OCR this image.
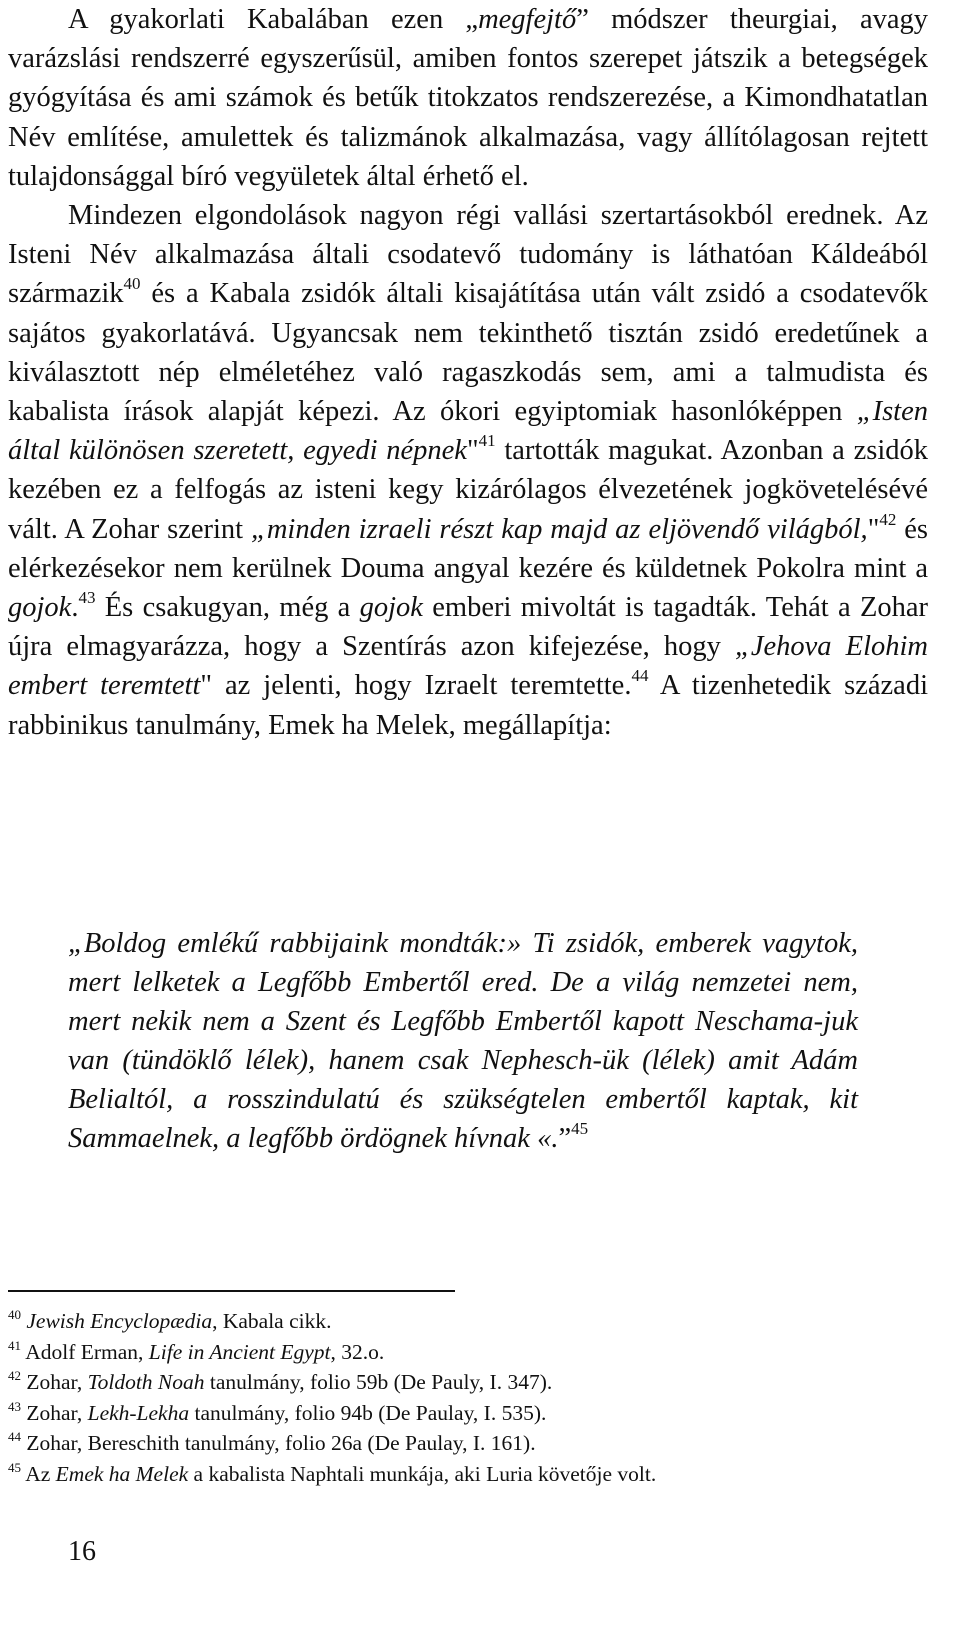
A gyakorlati Kabalában ezen „megfejtő” módszer theurgiai, avagy varázslási rendszerré egyszerűsül, amiben fontos szerepet játszik a betegségek gyógyítása és ami számok és betűk titokzatos rendszerezése, a Kimondhatatlan Név említése, amulettek és talizmánok alkalmazása, vagy állítólagosan rejtett tulajdonsággal bíró vegyületek által érhető el.

Mindezen elgondolások nagyon régi vallási szertartásokból erednek. Az Isteni Név alkalmazása általi csodatevő tudomány is láthatóan Káldeából származik$^{40}$ és a Kabala zsidók általi kisajátítása után vált zsidó a csodatevők sajátos gyakorlatává. Ugyancsak nem tekinthető tisztán zsidó eredetűnek a kiválasztott nép elméletéhez való ragaszkodás sem, ami a talmudista és kabalista írások alapját képezi. Az ókori egyiptomiak hasonlóképpen „Isten által különösen szeretett, egyedi népnek"$^{41}$ tartották magukat. Azonban a zsidók kezében ez a felfogás az isteni kegy kizárólagos élvezetének jogkövetelésévé vált. A Zohar szerint „minden izraeli részt kap majd az eljövendő világból,"$^{42}$ és elérkezésekor nem kerülnek Douma angyal kezére és küldetnek Pokolra mint a gojok.$^{43}$ És csakugyan, még a gojok emberi mivoltát is tagadták. Tehát a Zohar újra elmagyarázza, hogy a Szentírás azon kifejezése, hogy „Jehova Elohim embert teremtett" az jelenti, hogy Izraelt teremtette.$^{44}$ A tizenhetedik századi rabbinikus tanulmány, Emek ha Melek, megállapítja:

„Boldog emlékű rabbijaink mondták:» Ti zsidók, emberek vagytok, mert lelketek a Legfőbb Embertől ered. De a világ nemzetei nem, mert nekik nem a Szent és Legfőbb Embertől kapott Neschama-juk van (tündöklő lélek), hanem csak Nephesch-ük (lélek) amit Adám Belialtól, a rosszindulatú és szükségtelen embertől kaptak, kit Sammaelnek, a legfőbb ördögnek hívnak «.”$^{45}$
$^{40}$ Jewish Encyclopædia, Kabala cikk.
$^{41}$ Adolf Erman, Life in Ancient Egypt, 32.o.
$^{42}$ Zohar, Toldoth Noah tanulmány, folio 59b (De Pauly, I. 347).
$^{43}$ Zohar, Lekh-Lekha tanulmány, folio 94b (De Paulay, I. 535).
$^{44}$ Zohar, Bereschith tanulmány, folio 26a (De Paulay, I. 161).
$^{45}$ Az Emek ha Melek a kabalista Naphtali munkája, aki Luria követője volt.
16
